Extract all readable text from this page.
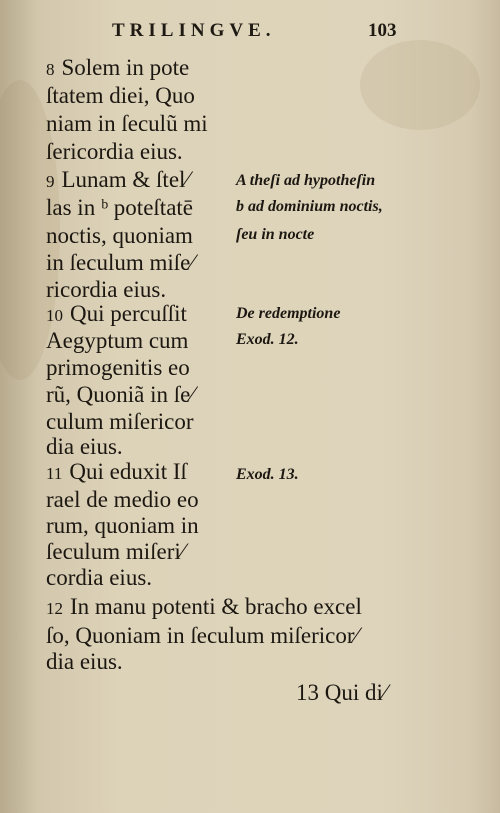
TRILINGVE.	103
8 Solem in pote
ſtatem diei, Quo
niam in ſeculũ mi
ſericordia eius.
9 Lunam & ſtel⁄
las in ᵇ poteſtatē
noctis, quoniam
in ſeculum miſe⁄
ricordia eius.
10 Qui percuſſit
Aegyptum cum
primogenitis eo
rũ, Quoniã in ſe⁄
culum miſericor
dia eius.
11 Qui eduxit Iſ
rael de medio eo
rum, quoniam in
ſeculum miſeri⁄
cordia eius.
12 In manu potenti & bracho excel
ſo, Quoniam in ſeculum miſericor⁄
dia eius.
A theſi ad hypotheſin
b ad dominium noctis,
ſeu in nocte
De redemptione
Exod. 12.
Exod. 13.
13 Qui di⁄
